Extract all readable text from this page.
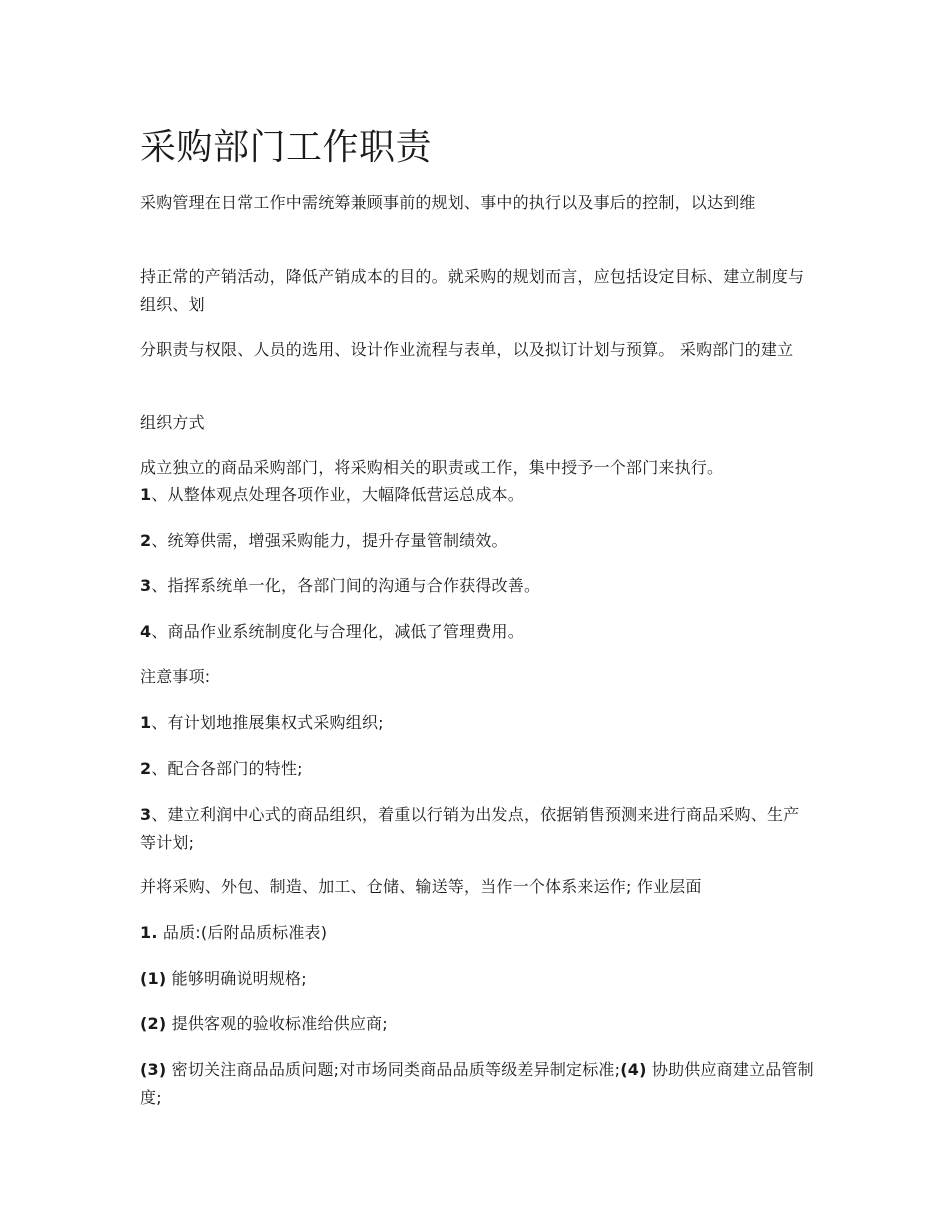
采购部门工作职责

采购管理在日常工作中需统筹兼顾事前的规划、事中的执行以及事后的控制，以达到维

持正常的产销活动，降低产销成本的目的。就采购的规划而言，应包括设定目标、建立制度与组织、划

分职责与权限、人员的选用、设计作业流程与表单，以及拟订计划与预算。 采购部门的建立

组织方式

成立独立的商品采购部门，将采购相关的职责或工作，集中授予一个部门来执行。

1、从整体观点处理各项作业，大幅降低营运总成本。

2、统筹供需，增强采购能力，提升存量管制绩效。

3、指挥系统单一化，各部门间的沟通与合作获得改善。

4、商品作业系统制度化与合理化，减低了管理费用。

注意事项:

1、有计划地推展集权式采购组织;

2、配合各部门的特性;

3、建立利润中心式的商品组织，着重以行销为出发点，依据销售预测来进行商品采购、生产等计划;

并将采购、外包、制造、加工、仓储、输送等，当作一个体系来运作; 作业层面

1. 品质:(后附品质标准表)

(1) 能够明确说明规格;

(2) 提供客观的验收标准给供应商;

(3) 密切关注商品品质问题;对市场同类商品品质等级差异制定标准;(4) 协助供应商建立品管制度;
